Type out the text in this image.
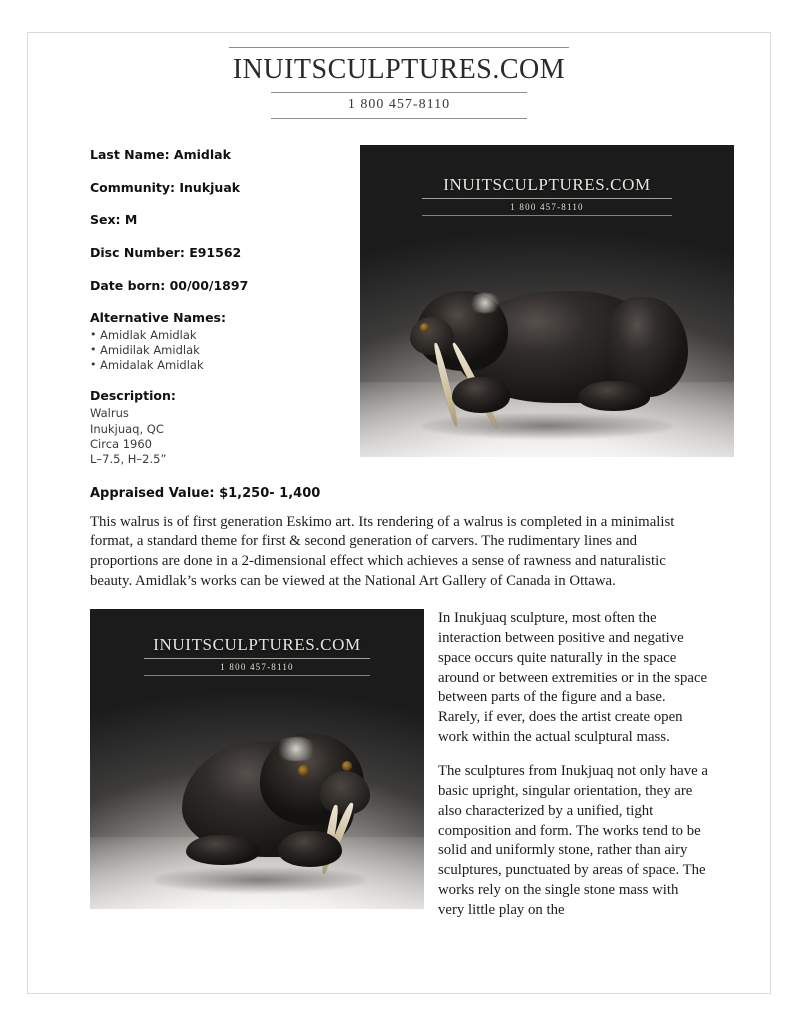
INUITSCULPTURES.COM
1 800 457-8110
Last Name: Amidlak
Community: Inukjuak
Sex: M
Disc Number: E91562
Date born: 00/00/1897
Alternative Names:
• Amidlak Amidlak
• Amidilak Amidlak
• Amidalak Amidlak
Description:
Walrus
Inukjuaq, QC
Circa 1960
L–7.5, H–2.5”
INUITSCULPTURES.COM
1 800 457-8110
Appraised Value: $1,250- 1,400

This walrus is of first generation Eskimo art. Its rendering of a walrus is completed in a minimalist format, a standard theme for first & second generation of carvers. The rudimentary lines and proportions are done in a 2-dimensional effect which achieves a sense of rawness and naturalistic beauty. Amidlak’s works can be viewed at the National Art Gallery of Canada in Ottawa.

INUITSCULPTURES.COM
1 800 457-8110

In Inukjuaq sculpture, most often the interaction between positive and negative space occurs quite naturally in the space around or between extremities or in the space between parts of the figure and a base. Rarely, if ever, does the artist create open work within the actual sculptural mass.

The sculptures from Inukjuaq not only have a basic upright, singular orientation, they are also characterized by a unified, tight composition and form. The works tend to be solid and uniformly stone, rather than airy sculptures, punctuated by areas of space. The works rely on the single stone mass with very little play on the
